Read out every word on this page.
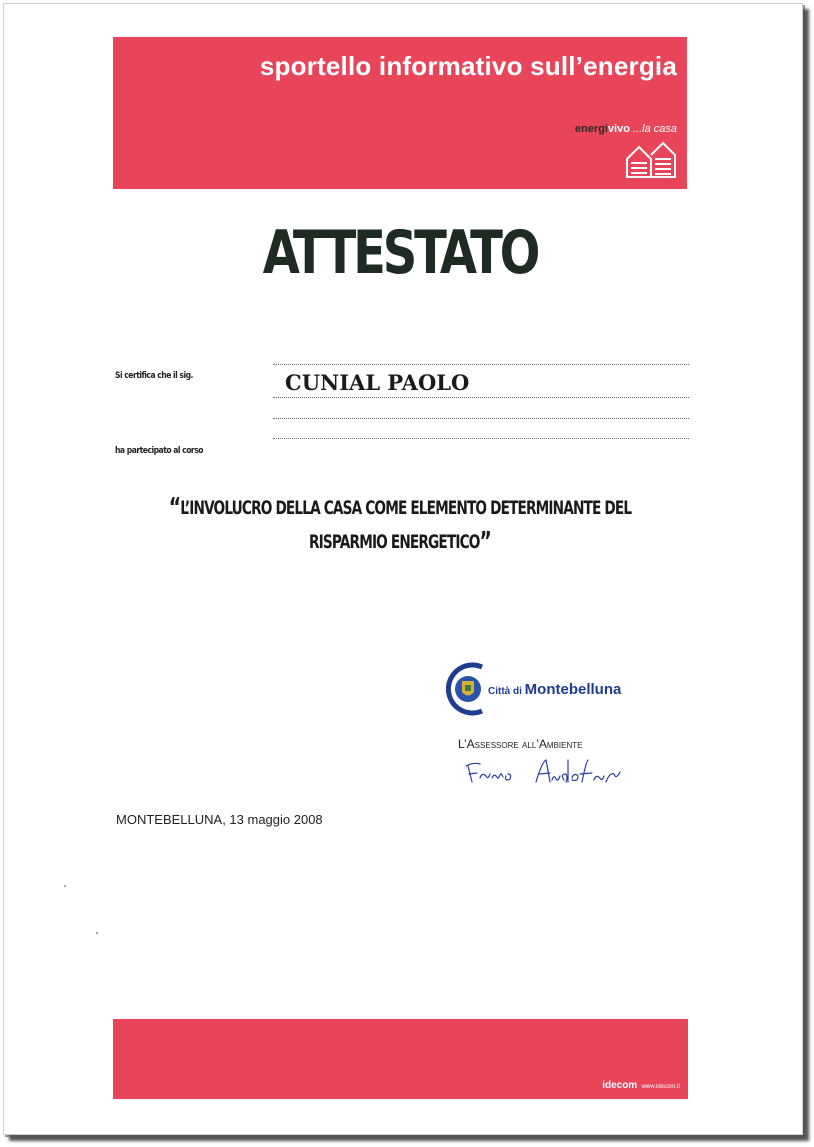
sportello informativo sull’energia
energivivo ...la casa
ATTESTATO
Si certifica che il sig.	CUNIAL PAOLO
ha partecipato al corso
“L’INVOLUCRO DELLA CASA COME ELEMENTO DETERMINANTE DEL
RISPARMIO ENERGETICO”
Città di Montebelluna
L’Assessore all’Ambiente
MONTEBELLUNA, 13 maggio 2008
idecom www.idecom.it
